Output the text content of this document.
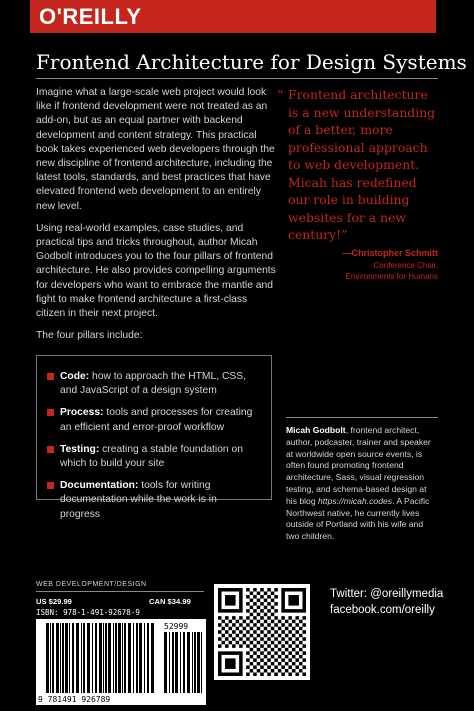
O'REILLY
Frontend Architecture for Design Systems

Imagine what a large-scale web project would look like if frontend development were not treated as an add-on, but as an equal partner with backend development and content strategy. This practical book takes experienced web developers through the new discipline of frontend architecture, including the latest tools, standards, and best practices that have elevated frontend web development to an entirely new level.

Using real-world examples, case studies, and practical tips and tricks throughout, author Micah Godbolt introduces you to the four pillars of frontend architecture. He also provides compelling arguments for developers who want to embrace the mantle and fight to make frontend architecture a first-class citizen in their next project.

The four pillars include:

Code: how to approach the HTML, CSS, and JavaScript of a design system
Process: tools and processes for creating an efficient and error-proof workflow
Testing: creating a stable foundation on which to build your site
Documentation: tools for writing documentation while the work is in progress
“ Frontend architecture is a new understanding of a better, more professional approach to web development. Micah has redefined our role in building websites for a new century!”
—Christopher Schmitt
Conference Chair,
Environments for Humans
Micah Godbolt, frontend architect, author, podcaster, trainer and speaker at worldwide open source events, is often found promoting frontend architecture, Sass, visual regression testing, and schema-based design at his blog https://micah.codes. A Pacific Northwest native, he currently lives outside of Portland with his wife and two children.
WEB DEVELOPMENT/DESIGN
US $29.99	CAN $34.99
ISBN: 978-1-491-92678-9
52999
9 781491 926789
Twitter: @oreillymedia
facebook.com/oreilly
